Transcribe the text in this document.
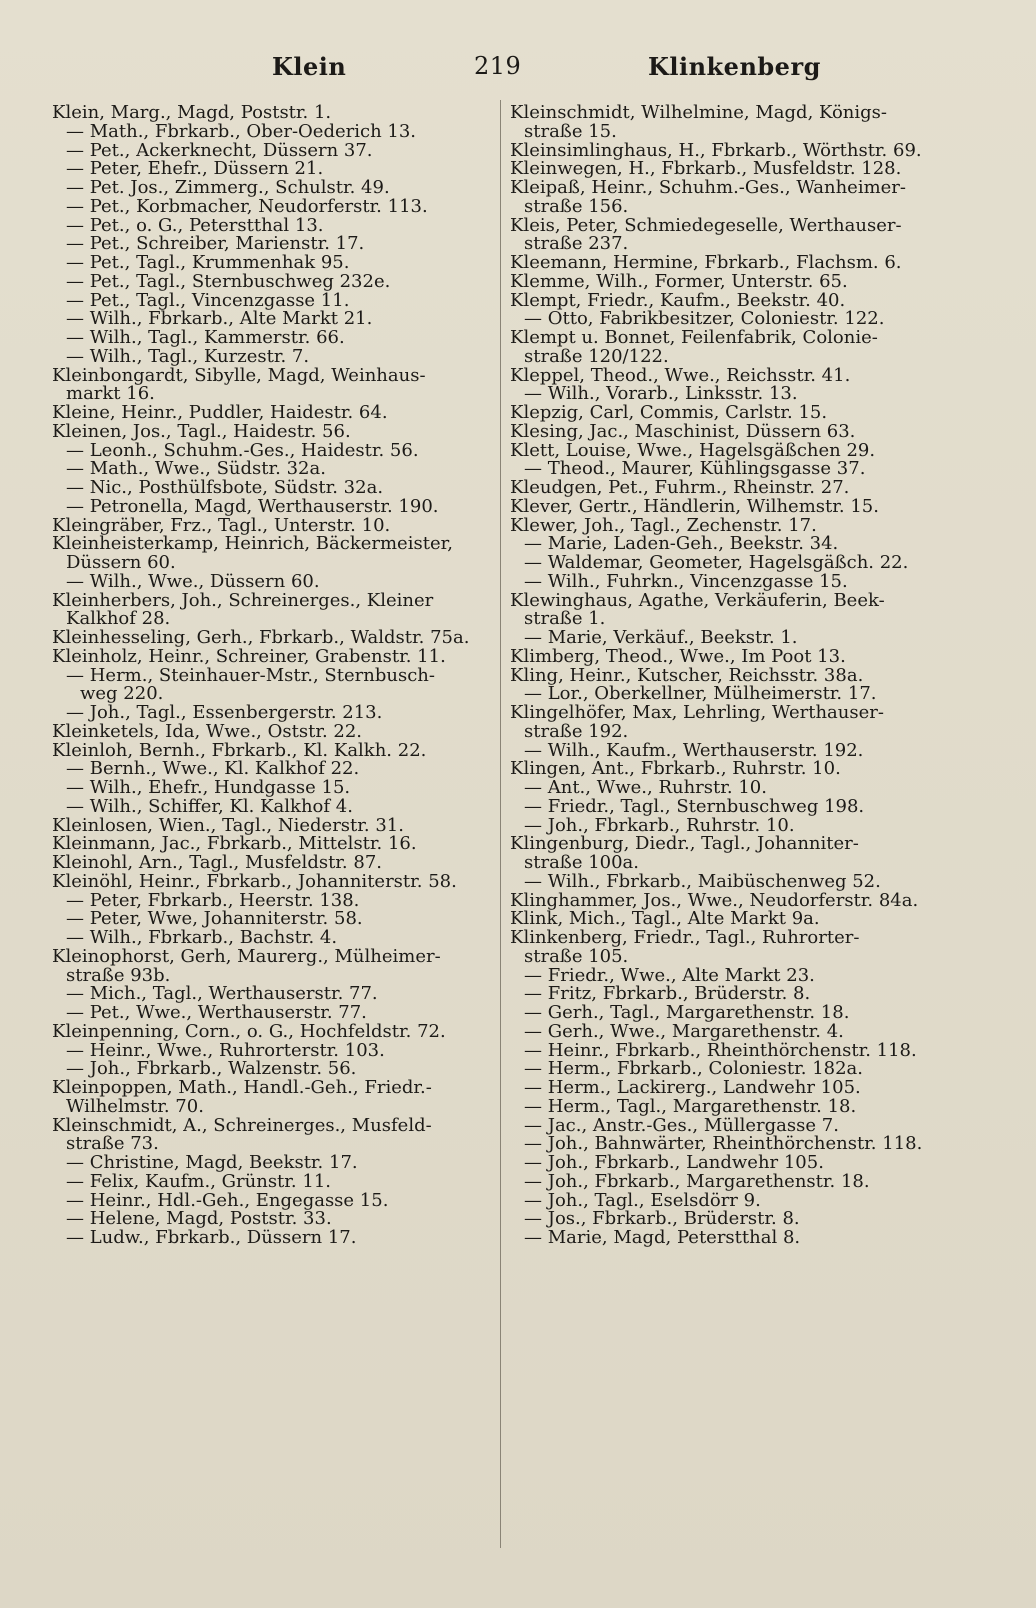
Klein	219	Klinkenberg

Klein, Marg., Magd, Poststr. 1.

— Math., Fbrkarb., Ober-Oederich 13.

— Pet., Ackerknecht, Düssern 37.

— Peter, Ehefr., Düssern 21.

— Pet. Jos., Zimmerg., Schulstr. 49.

— Pet., Korbmacher, Neudorferstr. 113.

— Pet., o. G., Peterstthal 13.

— Pet., Schreiber, Marienstr. 17.

— Pet., Tagl., Krummenhak 95.

— Pet., Tagl., Sternbuschweg 232e.

— Pet., Tagl., Vincenzgasse 11.

— Wilh., Fbrkarb., Alte Markt 21.

— Wilh., Tagl., Kammerstr. 66.

— Wilh., Tagl., Kurzestr. 7.

Kleinbongardt, Sibylle, Magd, Weinhaus-
markt 16.

Kleine, Heinr., Puddler, Haidestr. 64.

Kleinen, Jos., Tagl., Haidestr. 56.

— Leonh., Schuhm.-Ges., Haidestr. 56.

— Math., Wwe., Südstr. 32a.

— Nic., Posthülfsbote, Südstr. 32a.

— Petronella, Magd, Werthauserstr. 190.

Kleingräber, Frz., Tagl., Unterstr. 10.

Kleinheisterkamp, Heinrich, Bäckermeister,
Düssern 60.

— Wilh., Wwe., Düssern 60.

Kleinherbers, Joh., Schreinerges., Kleiner
Kalkhof 28.

Kleinhesseling, Gerh., Fbrkarb., Waldstr. 75a.

Kleinholz, Heinr., Schreiner, Grabenstr. 11.

— Herm., Steinhauer-Mstr., Sternbusch-
weg 220.

— Joh., Tagl., Essenbergerstr. 213.

Kleinketels, Ida, Wwe., Oststr. 22.

Kleinloh, Bernh., Fbrkarb., Kl. Kalkh. 22.

— Bernh., Wwe., Kl. Kalkhof 22.

— Wilh., Ehefr., Hundgasse 15.

— Wilh., Schiffer, Kl. Kalkhof 4.

Kleinlosen, Wien., Tagl., Niederstr. 31.

Kleinmann, Jac., Fbrkarb., Mittelstr. 16.

Kleinohl, Arn., Tagl., Musfeldstr. 87.

Kleinöhl, Heinr., Fbrkarb., Johanniterstr. 58.

— Peter, Fbrkarb., Heerstr. 138.

— Peter, Wwe, Johanniterstr. 58.

— Wilh., Fbrkarb., Bachstr. 4.

Kleinophorst, Gerh, Maurerg., Mülheimer-
straße 93b.

— Mich., Tagl., Werthauserstr. 77.

— Pet., Wwe., Werthauserstr. 77.

Kleinpenning, Corn., o. G., Hochfeldstr. 72.

— Heinr., Wwe., Ruhrorterstr. 103.

— Joh., Fbrkarb., Walzenstr. 56.

Kleinpoppen, Math., Handl.-Geh., Friedr.-
Wilhelmstr. 70.

Kleinschmidt, A., Schreinerges., Musfeld-
straße 73.

— Christine, Magd, Beekstr. 17.

— Felix, Kaufm., Grünstr. 11.

— Heinr., Hdl.-Geh., Engegasse 15.

— Helene, Magd, Poststr. 33.

— Ludw., Fbrkarb., Düssern 17.

Kleinschmidt, Wilhelmine, Magd, Königs-
straße 15.

Kleinsimlinghaus, H., Fbrkarb., Wörthstr. 69.

Kleinwegen, H., Fbrkarb., Musfeldstr. 128.

Kleipaß, Heinr., Schuhm.-Ges., Wanheimer-
straße 156.

Kleis, Peter, Schmiedegeselle, Werthauser-
straße 237.

Kleemann, Hermine, Fbrkarb., Flachsm. 6.

Klemme, Wilh., Former, Unterstr. 65.

Klempt, Friedr., Kaufm., Beekstr. 40.

— Otto, Fabrikbesitzer, Coloniestr. 122.

Klempt u. Bonnet, Feilenfabrik, Colonie-
straße 120/122.

Kleppel, Theod., Wwe., Reichsstr. 41.

— Wilh., Vorarb., Linksstr. 13.

Klepzig, Carl, Commis, Carlstr. 15.

Klesing, Jac., Maschinist, Düssern 63.

Klett, Louise, Wwe., Hagelsgäßchen 29.

— Theod., Maurer, Kühlingsgasse 37.

Kleudgen, Pet., Fuhrm., Rheinstr. 27.

Klever, Gertr., Händlerin, Wilhemstr. 15.

Klewer, Joh., Tagl., Zechenstr. 17.

— Marie, Laden-Geh., Beekstr. 34.

— Waldemar, Geometer, Hagelsgäßch. 22.

— Wilh., Fuhrkn., Vincenzgasse 15.

Klewinghaus, Agathe, Verkäuferin, Beek-
straße 1.

— Marie, Verkäuf., Beekstr. 1.

Klimberg, Theod., Wwe., Im Poot 13.

Kling, Heinr., Kutscher, Reichsstr. 38a.

— Lor., Oberkellner, Mülheimerstr. 17.

Klingelhöfer, Max, Lehrling, Werthauser-
straße 192.

— Wilh., Kaufm., Werthauserstr. 192.

Klingen, Ant., Fbrkarb., Ruhrstr. 10.

— Ant., Wwe., Ruhrstr. 10.

— Friedr., Tagl., Sternbuschweg 198.

— Joh., Fbrkarb., Ruhrstr. 10.

Klingenburg, Diedr., Tagl., Johanniter-
straße 100a.

— Wilh., Fbrkarb., Maibüschenweg 52.

Klinghammer, Jos., Wwe., Neudorferstr. 84a.

Klink, Mich., Tagl., Alte Markt 9a.

Klinkenberg, Friedr., Tagl., Ruhrorter-
straße 105.

— Friedr., Wwe., Alte Markt 23.

— Fritz, Fbrkarb., Brüderstr. 8.

— Gerh., Tagl., Margarethenstr. 18.

— Gerh., Wwe., Margarethenstr. 4.

— Heinr., Fbrkarb., Rheinthörchenstr. 118.

— Herm., Fbrkarb., Coloniestr. 182a.

— Herm., Lackirerg., Landwehr 105.

— Herm., Tagl., Margarethenstr. 18.

— Jac., Anstr.-Ges., Müllergasse 7.

— Joh., Bahnwärter, Rheinthörchenstr. 118.

— Joh., Fbrkarb., Landwehr 105.

— Joh., Fbrkarb., Margarethenstr. 18.

— Joh., Tagl., Eselsdörr 9.

— Jos., Fbrkarb., Brüderstr. 8.

— Marie, Magd, Peterstthal 8.
